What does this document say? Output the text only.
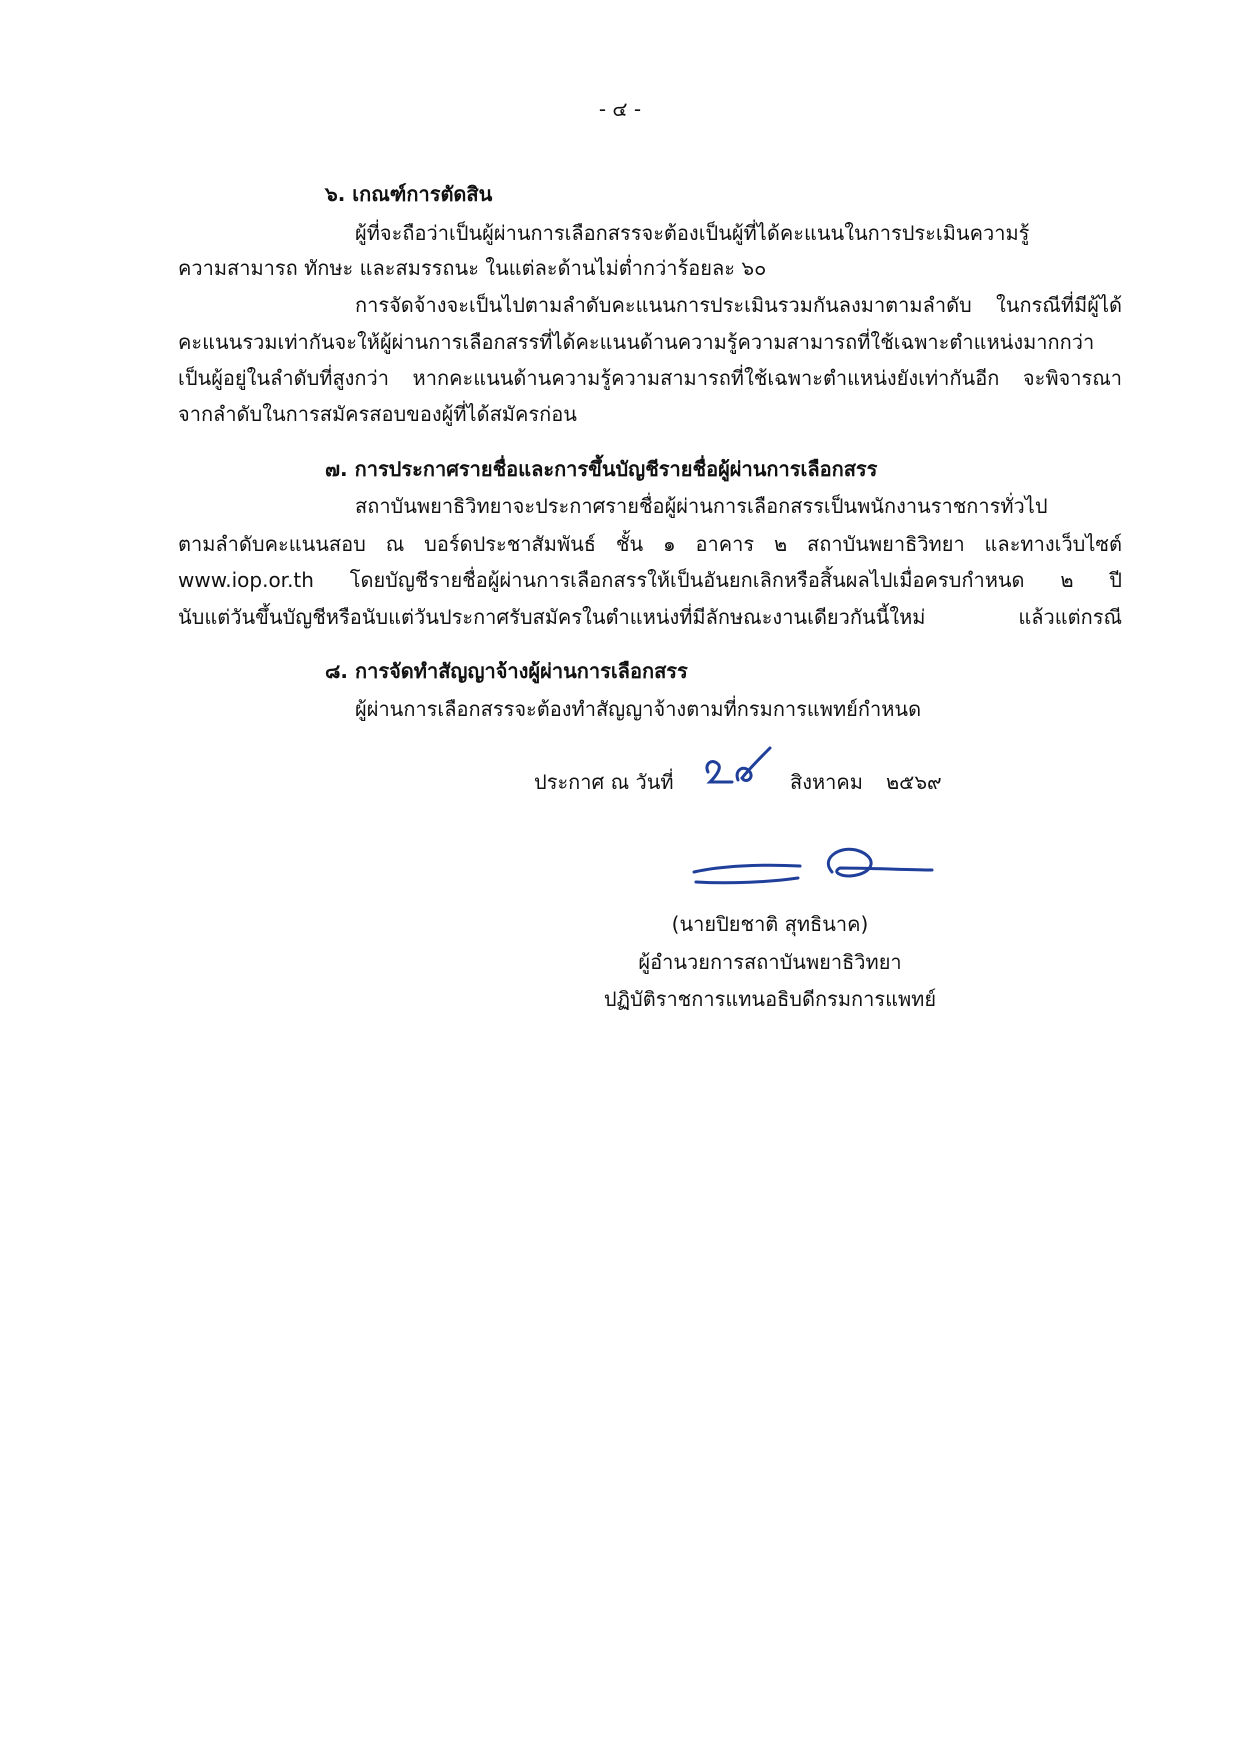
- ๔ -
๖. เกณฑ์การตัดสิน
ผู้ที่จะถือว่าเป็นผู้ผ่านการเลือกสรรจะต้องเป็นผู้ที่ได้คะแนนในการประเมินความรู้
ความสามารถ ทักษะ และสมรรถนะ ในแต่ละด้านไม่ต่ำกว่าร้อยละ ๖๐
การจัดจ้างจะเป็นไปตามลำดับคะแนนการประเมินรวมกันลงมาตามลำดับ ในกรณีที่มีผู้ได้
คะแนนรวมเท่ากันจะให้ผู้ผ่านการเลือกสรรที่ได้คะแนนด้านความรู้ความสามารถที่ใช้เฉพาะตำแหน่งมากกว่า
เป็นผู้อยู่ในลำดับที่สูงกว่า หากคะแนนด้านความรู้ความสามารถที่ใช้เฉพาะตำแหน่งยังเท่ากันอีก จะพิจารณา
จากลำดับในการสมัครสอบของผู้ที่ได้สมัครก่อน
๗. การประกาศรายชื่อและการขึ้นบัญชีรายชื่อผู้ผ่านการเลือกสรร
สถาบันพยาธิวิทยาจะประกาศรายชื่อผู้ผ่านการเลือกสรรเป็นพนักงานราชการทั่วไป
ตามลำดับคะแนนสอบ ณ บอร์ดประชาสัมพันธ์ ชั้น ๑ อาคาร ๒ สถาบันพยาธิวิทยา และทางเว็บไซต์
www.iop.or.th โดยบัญชีรายชื่อผู้ผ่านการเลือกสรรให้เป็นอันยกเลิกหรือสิ้นผลไปเมื่อครบกำหนด ๒ ปี
นับแต่วันขึ้นบัญชีหรือนับแต่วันประกาศรับสมัครในตำแหน่งที่มีลักษณะงานเดียวกันนี้ใหม่ แล้วแต่กรณี
๘. การจัดทำสัญญาจ้างผู้ผ่านการเลือกสรร
ผู้ผ่านการเลือกสรรจะต้องทำสัญญาจ้างตามที่กรมการแพทย์กำหนด
ประกาศ ณ วันที่	สิงหาคม ๒๕๖๙
(นายปิยชาติ สุทธินาค)
ผู้อำนวยการสถาบันพยาธิวิทยา
ปฏิบัติราชการแทนอธิบดีกรมการแพทย์
